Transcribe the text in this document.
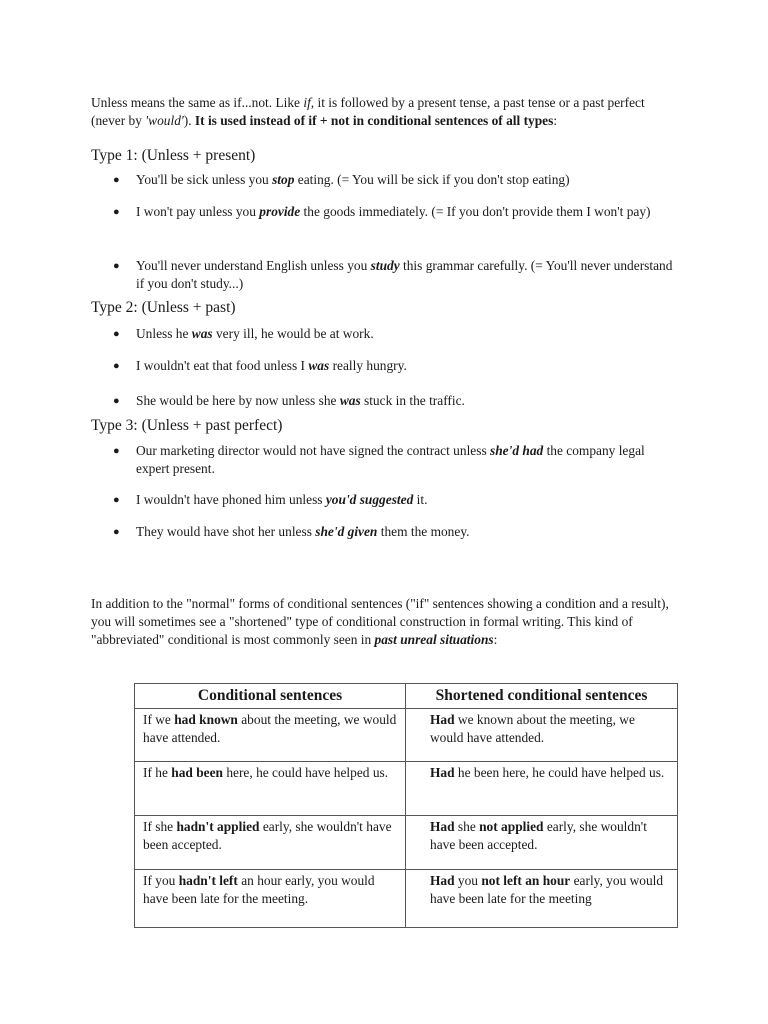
Unless means the same as if...not. Like if, it is followed by a present tense, a past tense or a past perfect (never by 'would'). It is used instead of if + not in conditional sentences of all types:

Type 1: (Unless + present)
● You'll be sick unless you stop eating. (= You will be sick if you don't stop eating)
● I won't pay unless you provide the goods immediately. (= If you don't provide them I won't pay)
● You'll never understand English unless you study this grammar carefully. (= You'll never understand if you don't study...)
Type 2: (Unless + past)
● Unless he was very ill, he would be at work.
● I wouldn't eat that food unless I was really hungry.
● She would be here by now unless she was stuck in the traffic.
Type 3: (Unless + past perfect)
● Our marketing director would not have signed the contract unless she'd had the company legal expert present.
● I wouldn't have phoned him unless you'd suggested it.
● They would have shot her unless she'd given them the money.

In addition to the "normal" forms of conditional sentences ("if" sentences showing a condition and a result), you will sometimes see a "shortened" type of conditional construction in formal writing. This kind of "abbreviated" conditional is most commonly seen in past unreal situations:

Conditional sentences	Shortened conditional sentences
If we had known about the meeting, we would have attended.	Had we known about the meeting, we would have attended.
If he had been here, he could have helped us.	Had he been here, he could have helped us.
If she hadn't applied early, she wouldn't have been accepted.	Had she not applied early, she wouldn't have been accepted.
If you hadn't left an hour early, you would have been late for the meeting.	Had you not left an hour early, you would have been late for the meeting
